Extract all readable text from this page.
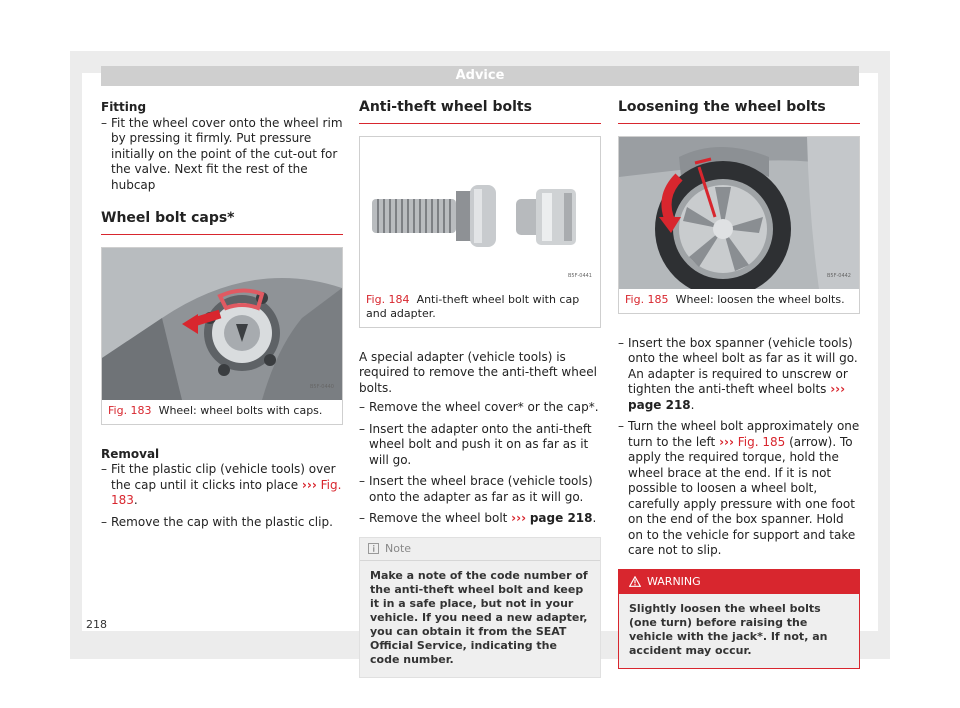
Advice

Fitting

– Fit the wheel cover onto the wheel rim by pressing it firmly. Put pressure initially on the point of the cut-out for the valve. Next fit the rest of the hubcap
Wheel bolt caps*
B5F-0440
Fig. 183 Wheel: wheel bolts with caps.

Removal

– Fit the plastic clip (vehicle tools) over the cap until it clicks into place ››› Fig. 183.
– Remove the cap with the plastic clip.
Anti-theft wheel bolts
B5F-0441
Fig. 184 Anti-theft wheel bolt with cap and adapter.

A special adapter (vehicle tools) is required to remove the anti-theft wheel bolts.

– Remove the wheel cover* or the cap*.
– Insert the adapter onto the anti-theft wheel bolt and push it on as far as it will go.
– Insert the wheel brace (vehicle tools) onto the adapter as far as it will go.
– Remove the wheel bolt ››› page 218.
Note
Make a note of the code number of the anti-theft wheel bolt and keep it in a safe place, but not in your vehicle. If you need a new adapter, you can obtain it from the SEAT Official Service, indicating the code number.
Loosening the wheel bolts
B5F-0442
Fig. 185 Wheel: loosen the wheel bolts.
– Insert the box spanner (vehicle tools) onto the wheel bolt as far as it will go. An adapter is required to unscrew or tighten the anti-theft wheel bolts ››› page 218.
– Turn the wheel bolt approximately one turn to the left ››› Fig. 185 (arrow). To apply the required torque, hold the wheel brace at the end. If it is not possible to loosen a wheel bolt, carefully apply pressure with one foot on the end of the box spanner. Hold on to the vehicle for support and take care not to slip.
WARNING
Slightly loosen the wheel bolts (one turn) before raising the vehicle with the jack*. If not, an accident may occur.
218
